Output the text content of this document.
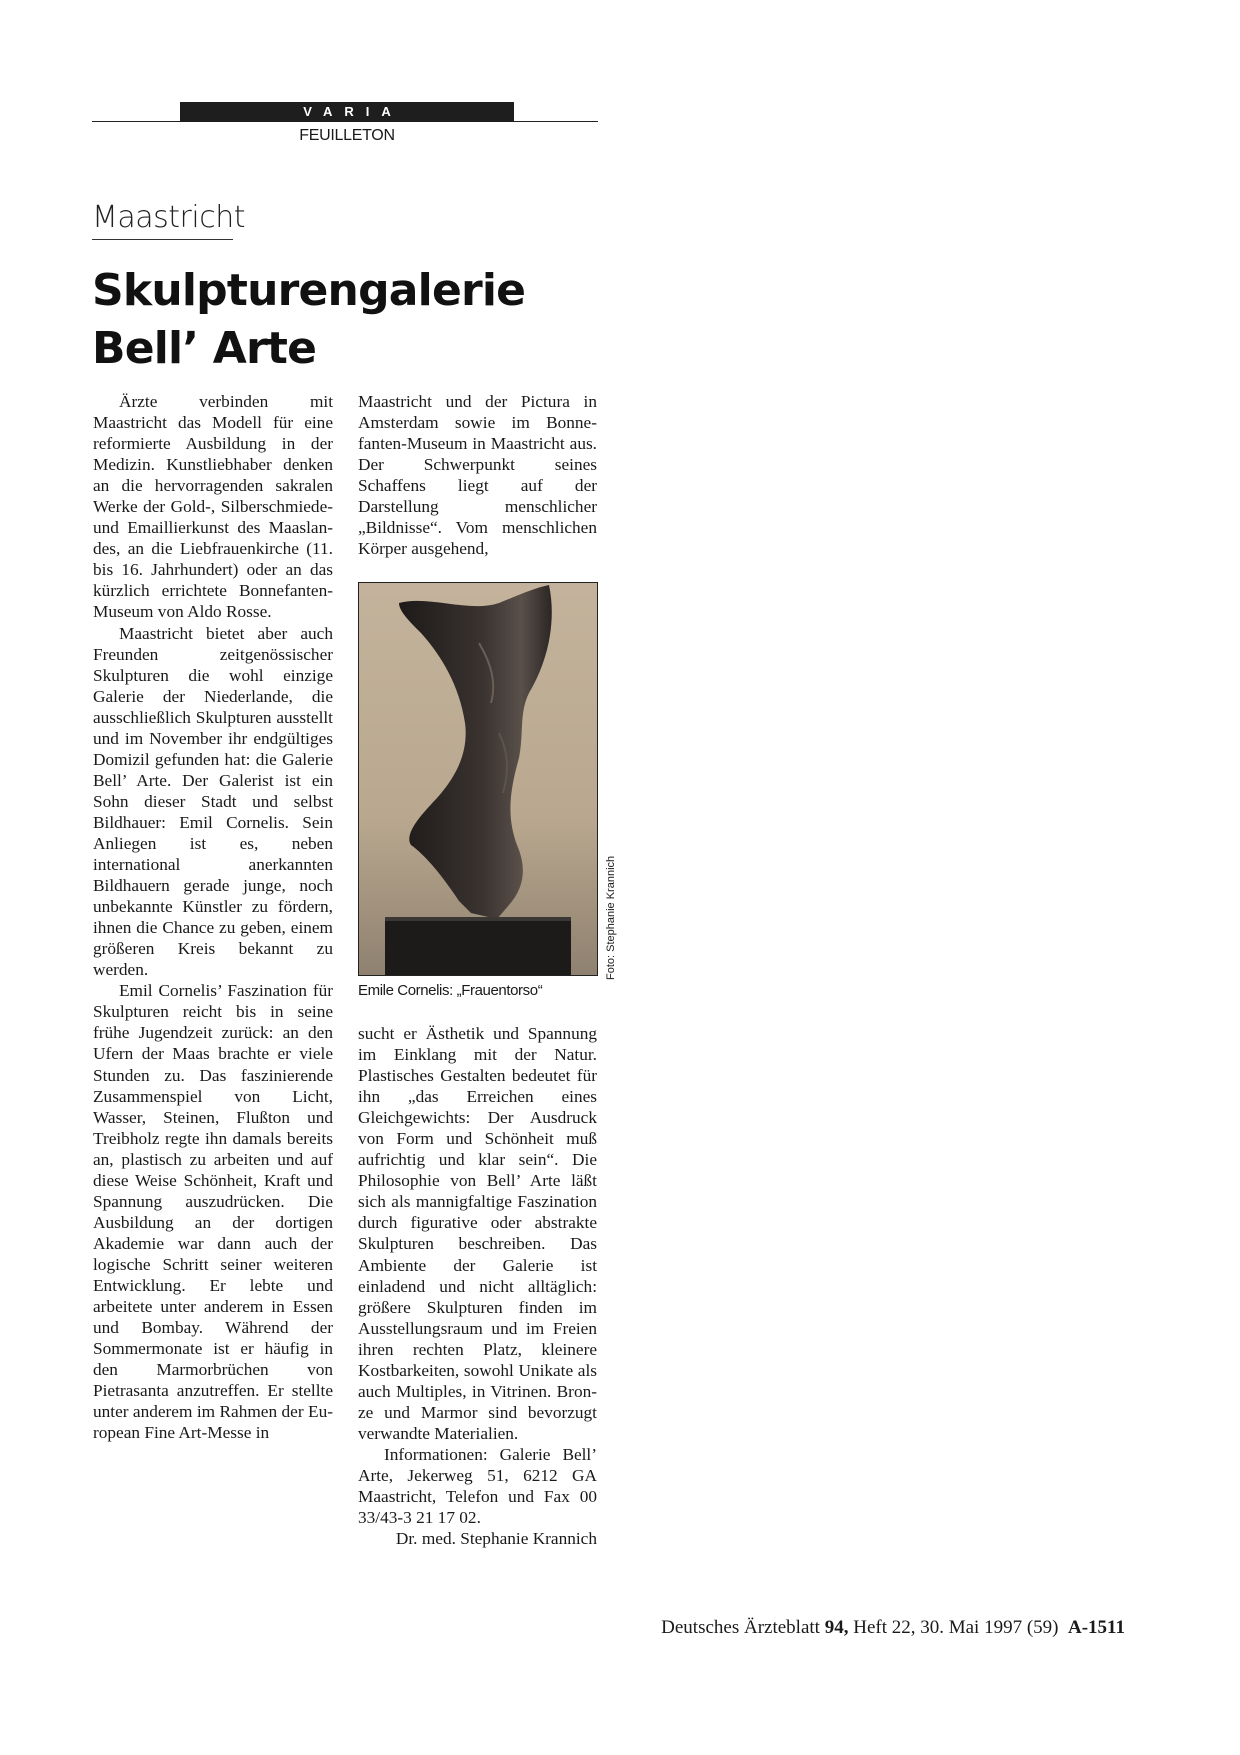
VARIA
FEUILLETON
Maastricht
Skulpturengalerie
Bell’ Arte

Ärzte verbinden mit Maastricht das Modell für eine reformierte Ausbildung in der Medizin. Kunstliebhaber denken an die hervorragenden sakralen Werke der Gold-, Silberschmiede- und Emaillierkunst des Maaslandes, an die Liebfrauenkirche (11. bis 16. Jahrhundert) oder an das kürzlich errichtete Bonnefanten-Museum von Aldo Rosse.

Maastricht bietet aber auch Freunden zeitgenössischer Skulpturen die wohl einzige Galerie der Niederlande, die ausschließlich Skulpturen ausstellt und im November ihr endgültiges Domizil gefunden hat: die Galerie Bell’ Arte. Der Galerist ist ein Sohn dieser Stadt und selbst Bildhauer: Emil Cornelis. Sein Anliegen ist es, neben international anerkannten Bildhauern gerade junge, noch unbekannte Künstler zu fördern, ihnen die Chance zu geben, einem größeren Kreis bekannt zu werden.

Emil Cornelis’ Faszination für Skulpturen reicht bis in seine frühe Jugendzeit zurück: an den Ufern der Maas brachte er viele Stunden zu. Das faszinierende Zusammenspiel von Licht, Wasser, Steinen, Flußton und Treibholz regte ihn damals bereits an, plastisch zu arbeiten und auf diese Weise Schönheit, Kraft und Spannung auszudrücken. Die Ausbildung an der dortigen Akademie war dann auch der logische Schritt seiner weiteren Entwicklung. Er lebte und arbeitete unter anderem in Essen und Bombay. Während der Sommermonate ist er häufig in den Marmorbrüchen von Pietrasanta anzutreffen. Er stellte unter anderem im Rahmen der European Fine Art-Messe in

Maastricht und der Pictura in Amsterdam sowie im Bonnefanten-Museum in Maastricht aus. Der Schwerpunkt seines Schaffens liegt auf der Darstellung menschlicher „Bildnisse“. Vom menschlichen Körper ausgehend,

Foto: Stephanie Krannich
Emile Cornelis: „Frauentorso“

sucht er Ästhetik und Spannung im Einklang mit der Natur. Plastisches Gestalten bedeutet für ihn „das Erreichen eines Gleichgewichts: Der Ausdruck von Form und Schönheit muß aufrichtig und klar sein“. Die Philosophie von Bell’ Arte läßt sich als mannigfaltige Faszination durch figurative oder abstrakte Skulpturen beschreiben. Das Ambiente der Galerie ist einladend und nicht alltäglich: größere Skulpturen finden im Ausstellungsraum und im Freien ihren rechten Platz, kleinere Kostbarkeiten, sowohl Unikate als auch Multiples, in Vitrinen. Bronze und Marmor sind bevorzugt verwandte Materialien.

Informationen: Galerie Bell’ Arte, Jekerweg 51, 6212 GA Maastricht, Telefon und Fax 00 33/43-3 21 17 02.

Dr. med. Stephanie Krannich

Deutsches Ärzteblatt 94, Heft 22, 30. Mai 1997 (59) A-1511
